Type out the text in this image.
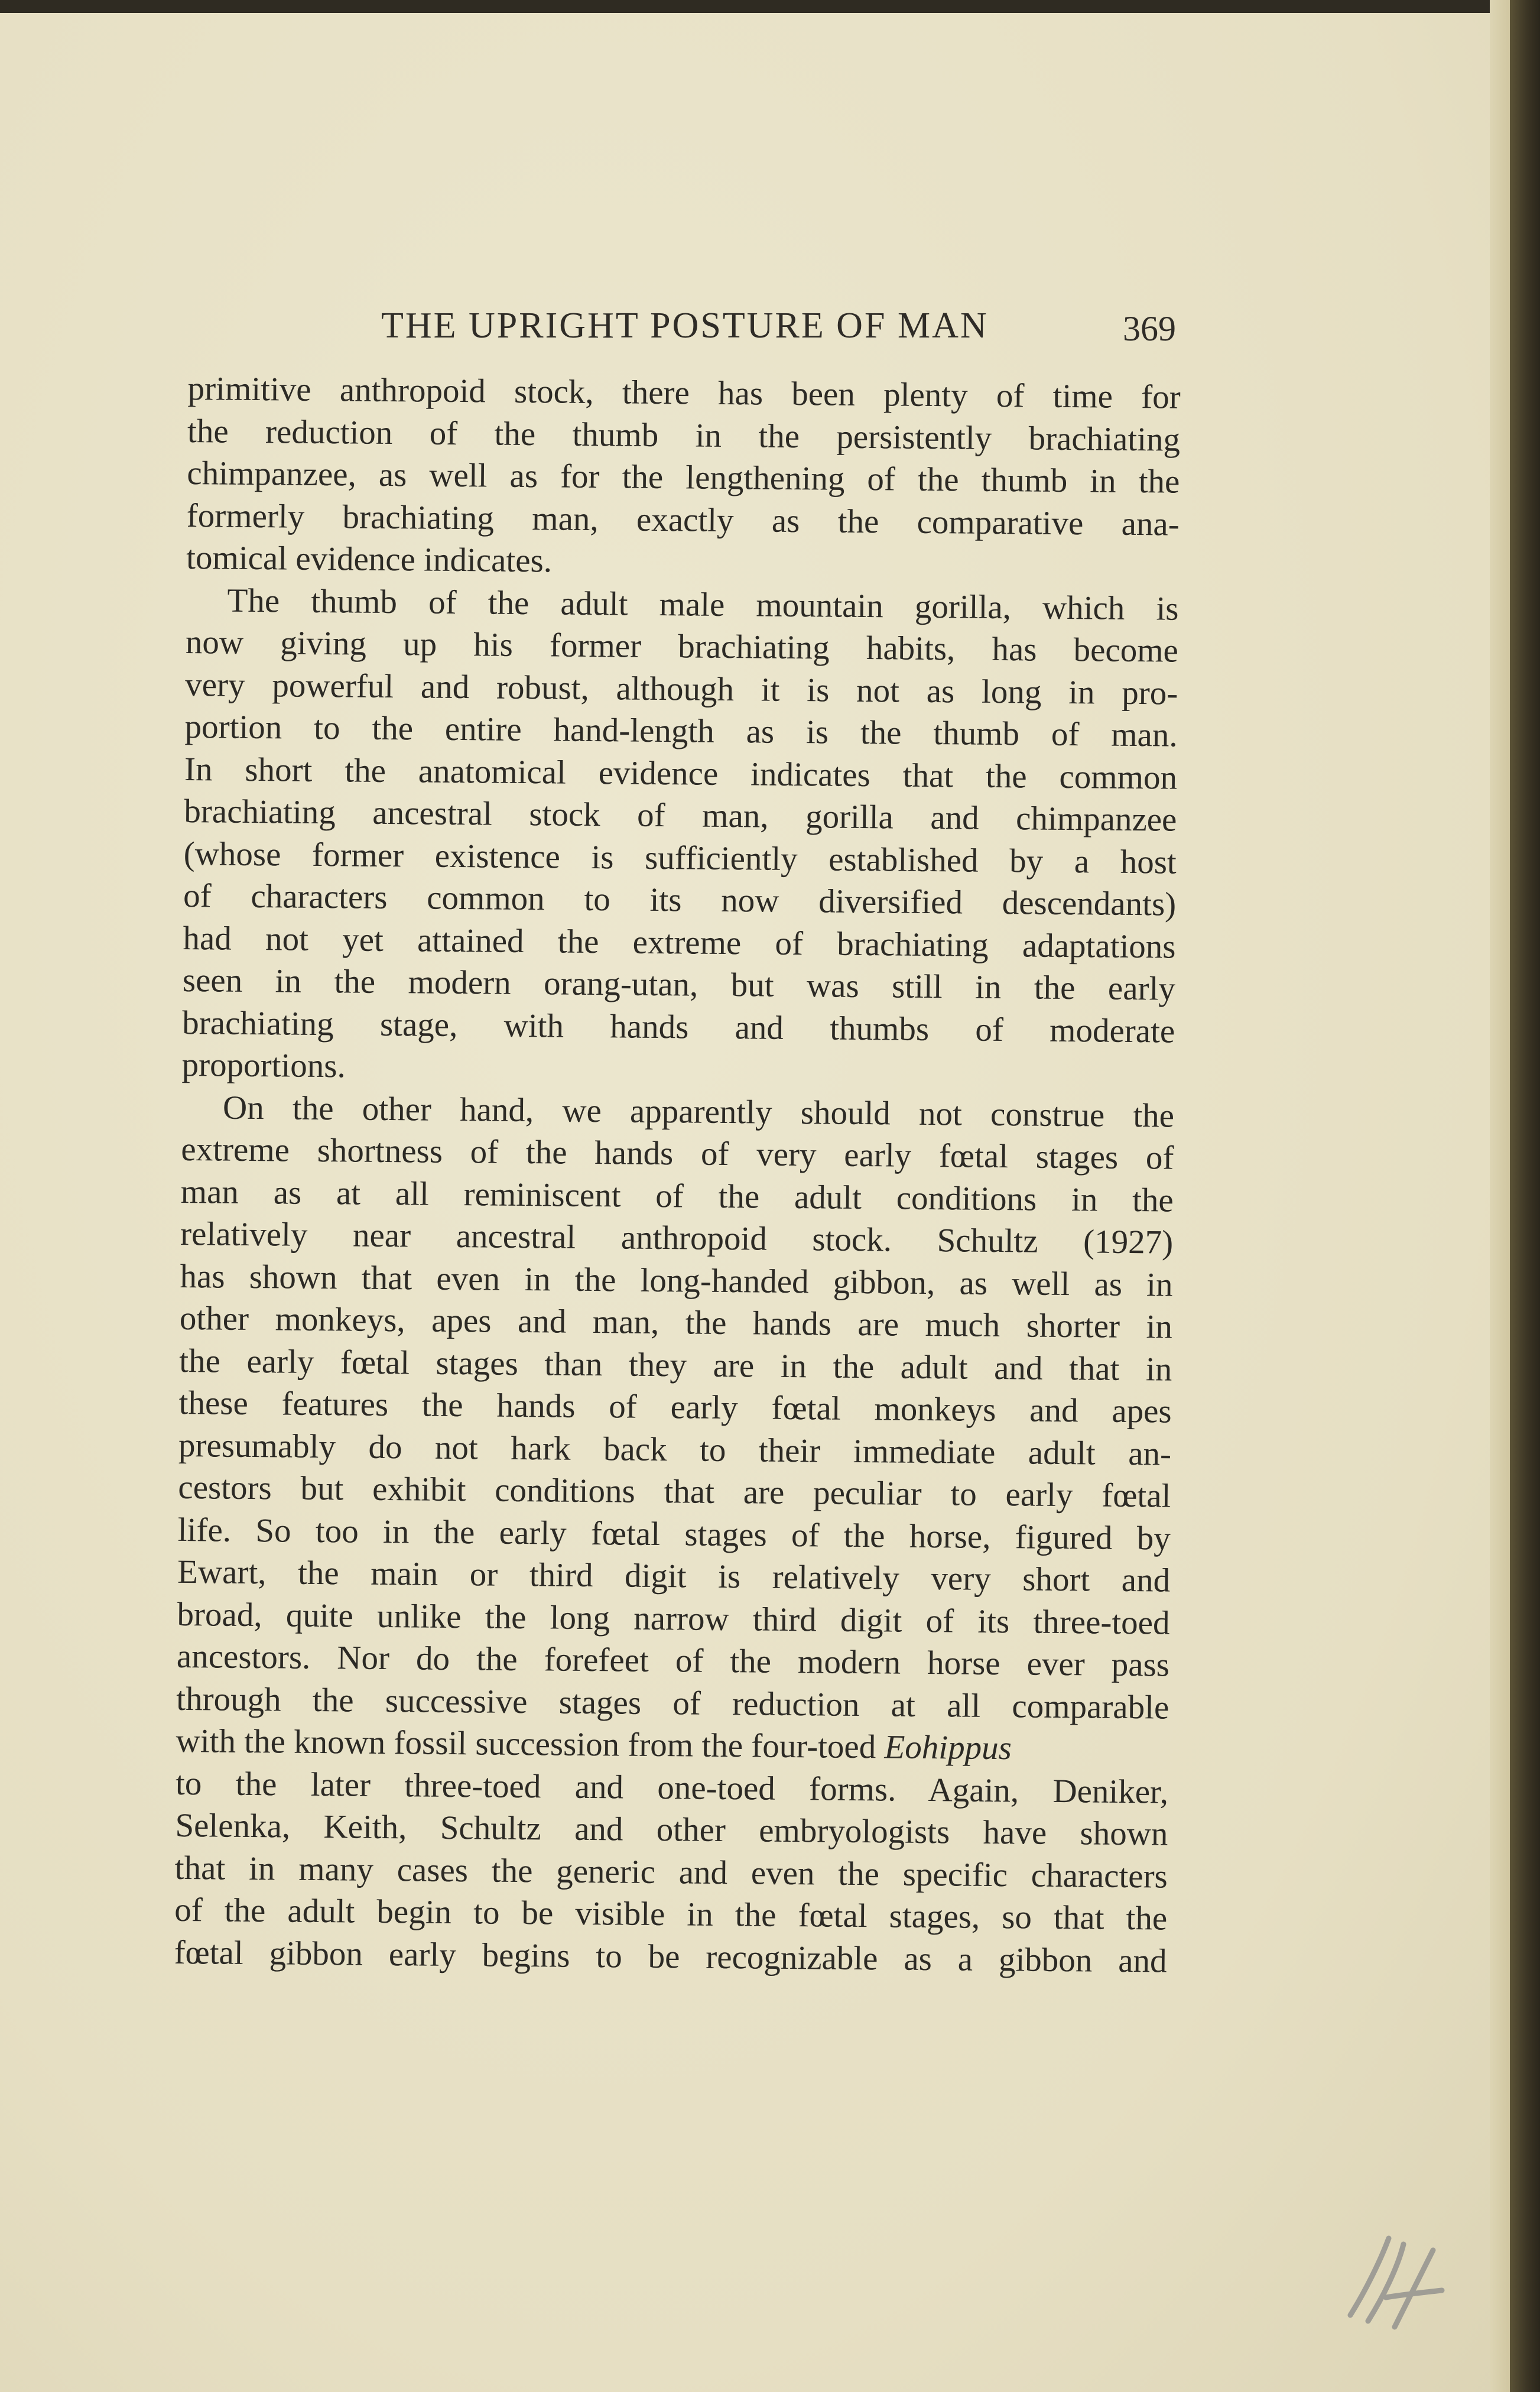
THE UPRIGHT POSTURE OF MAN	369
primitive anthropoid stock, there has been plenty of time for
the reduction of the thumb in the persistently brachiating
chimpanzee, as well as for the lengthening of the thumb in the
formerly brachiating man, exactly as the comparative ana-
tomical evidence indicates.
The thumb of the adult male mountain gorilla, which is
now giving up his former brachiating habits, has become
very powerful and robust, although it is not as long in pro-
portion to the entire hand-length as is the thumb of man.
In short the anatomical evidence indicates that the common
brachiating ancestral stock of man, gorilla and chimpanzee
(whose former existence is sufficiently established by a host
of characters common to its now diversified descendants)
had not yet attained the extreme of brachiating adaptations
seen in the modern orang-utan, but was still in the early
brachiating stage, with hands and thumbs of moderate
proportions.
On the other hand, we apparently should not construe the
extreme shortness of the hands of very early fœtal stages of
man as at all reminiscent of the adult conditions in the
relatively near ancestral anthropoid stock. Schultz (1927)
has shown that even in the long-handed gibbon, as well as in
other monkeys, apes and man, the hands are much shorter in
the early fœtal stages than they are in the adult and that in
these features the hands of early fœtal monkeys and apes
presumably do not hark back to their immediate adult an-
cestors but exhibit conditions that are peculiar to early fœtal
life. So too in the early fœtal stages of the horse, figured by
Ewart, the main or third digit is relatively very short and
broad, quite unlike the long narrow third digit of its three-toed
ancestors. Nor do the forefeet of the modern horse ever pass
through the successive stages of reduction at all comparable
with the known fossil succession from the four-toed Eohippus
to the later three-toed and one-toed forms. Again, Deniker,
Selenka, Keith, Schultz and other embryologists have shown
that in many cases the generic and even the specific characters
of the adult begin to be visible in the fœtal stages, so that the
fœtal gibbon early begins to be recognizable as a gibbon and
